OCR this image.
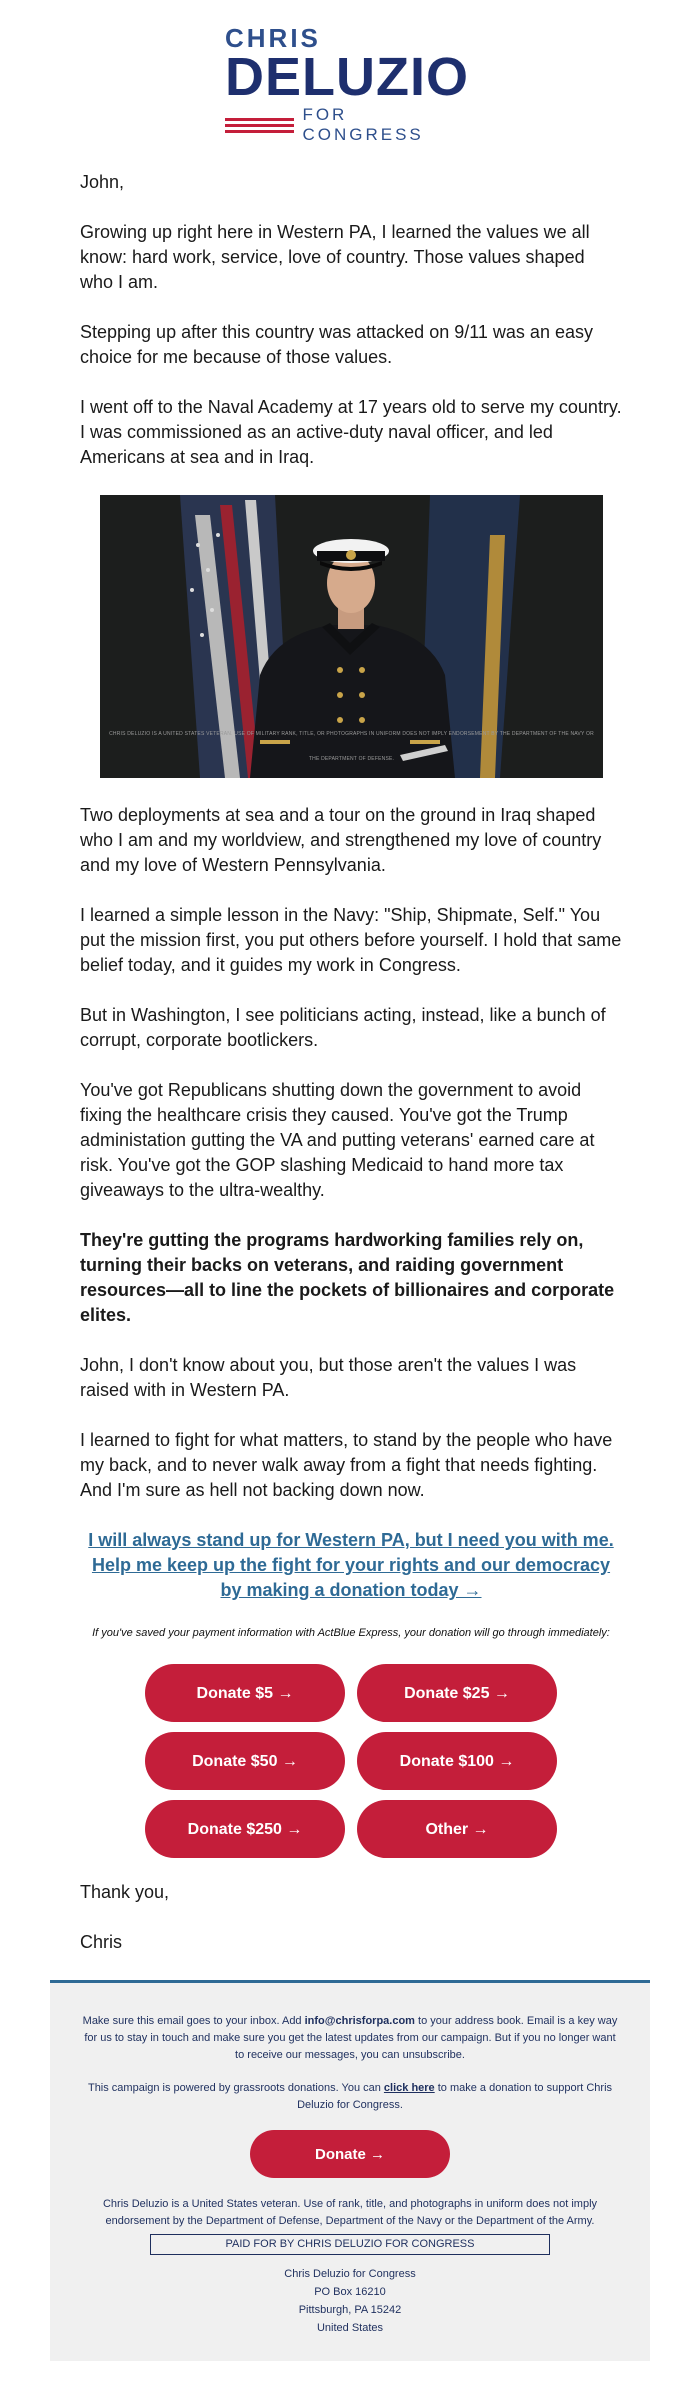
CHRIS
DELUZIO
FOR CONGRESS

John,

Growing up right here in Western PA, I learned the values we all know: hard work, service, love of country. Those values shaped who I am.

Stepping up after this country was attacked on 9/11 was an easy choice for me because of those values.

I went off to the Naval Academy at 17 years old to serve my country. I was commissioned as an active-duty naval officer, and led Americans at sea and in Iraq.

CHRIS DELUZIO IS A UNITED STATES VETERAN. USE OF MILITARY RANK, TITLE, OR PHOTOGRAPHS IN UNIFORM DOES NOT IMPLY ENDORSEMENT BY THE DEPARTMENT OF THE NAVY OR THE DEPARTMENT OF DEFENSE.

Two deployments at sea and a tour on the ground in Iraq shaped who I am and my worldview, and strengthened my love of country and my love of Western Pennsylvania.

I learned a simple lesson in the Navy: "Ship, Shipmate, Self." You put the mission first, you put others before yourself. I hold that same belief today, and it guides my work in Congress.

But in Washington, I see politicians acting, instead, like a bunch of corrupt, corporate bootlickers.

You've got Republicans shutting down the government to avoid fixing the healthcare crisis they caused. You've got the Trump administation gutting the VA and putting veterans' earned care at risk. You've got the GOP slashing Medicaid to hand more tax giveaways to the ultra-wealthy.

They're gutting the programs hardworking families rely on, turning their backs on veterans, and raiding government resources—all to line the pockets of billionaires and corporate elites.

John, I don't know about you, but those aren't the values I was raised with in Western PA.

I learned to fight for what matters, to stand by the people who have my back, and to never walk away from a fight that needs fighting. And I'm sure as hell not backing down now.

I will always stand up for Western PA, but I need you with me. Help me keep up the fight for your rights and our democracy by making a donation today →
If you've saved your payment information with ActBlue Express, your donation will go through immediately:
Donate $5 →	Donate $25 →
Donate $50 →	Donate $100 →
Donate $250 →	Other →

Thank you,

Chris

Make sure this email goes to your inbox. Add info@chrisforpa.com to your address book. Email is a key way for us to stay in touch and make sure you get the latest updates from our campaign. But if you no longer want to receive our messages, you can unsubscribe.

This campaign is powered by grassroots donations. You can click here to make a donation to support Chris Deluzio for Congress.

Donate →
Chris Deluzio is a United States veteran. Use of rank, title, and photographs in uniform does not imply endorsement by the Department of Defense, Department of the Navy or the Department of the Army.
PAID FOR BY CHRIS DELUZIO FOR CONGRESS
Chris Deluzio for Congress
PO Box 16210
Pittsburgh, PA 15242
United States
